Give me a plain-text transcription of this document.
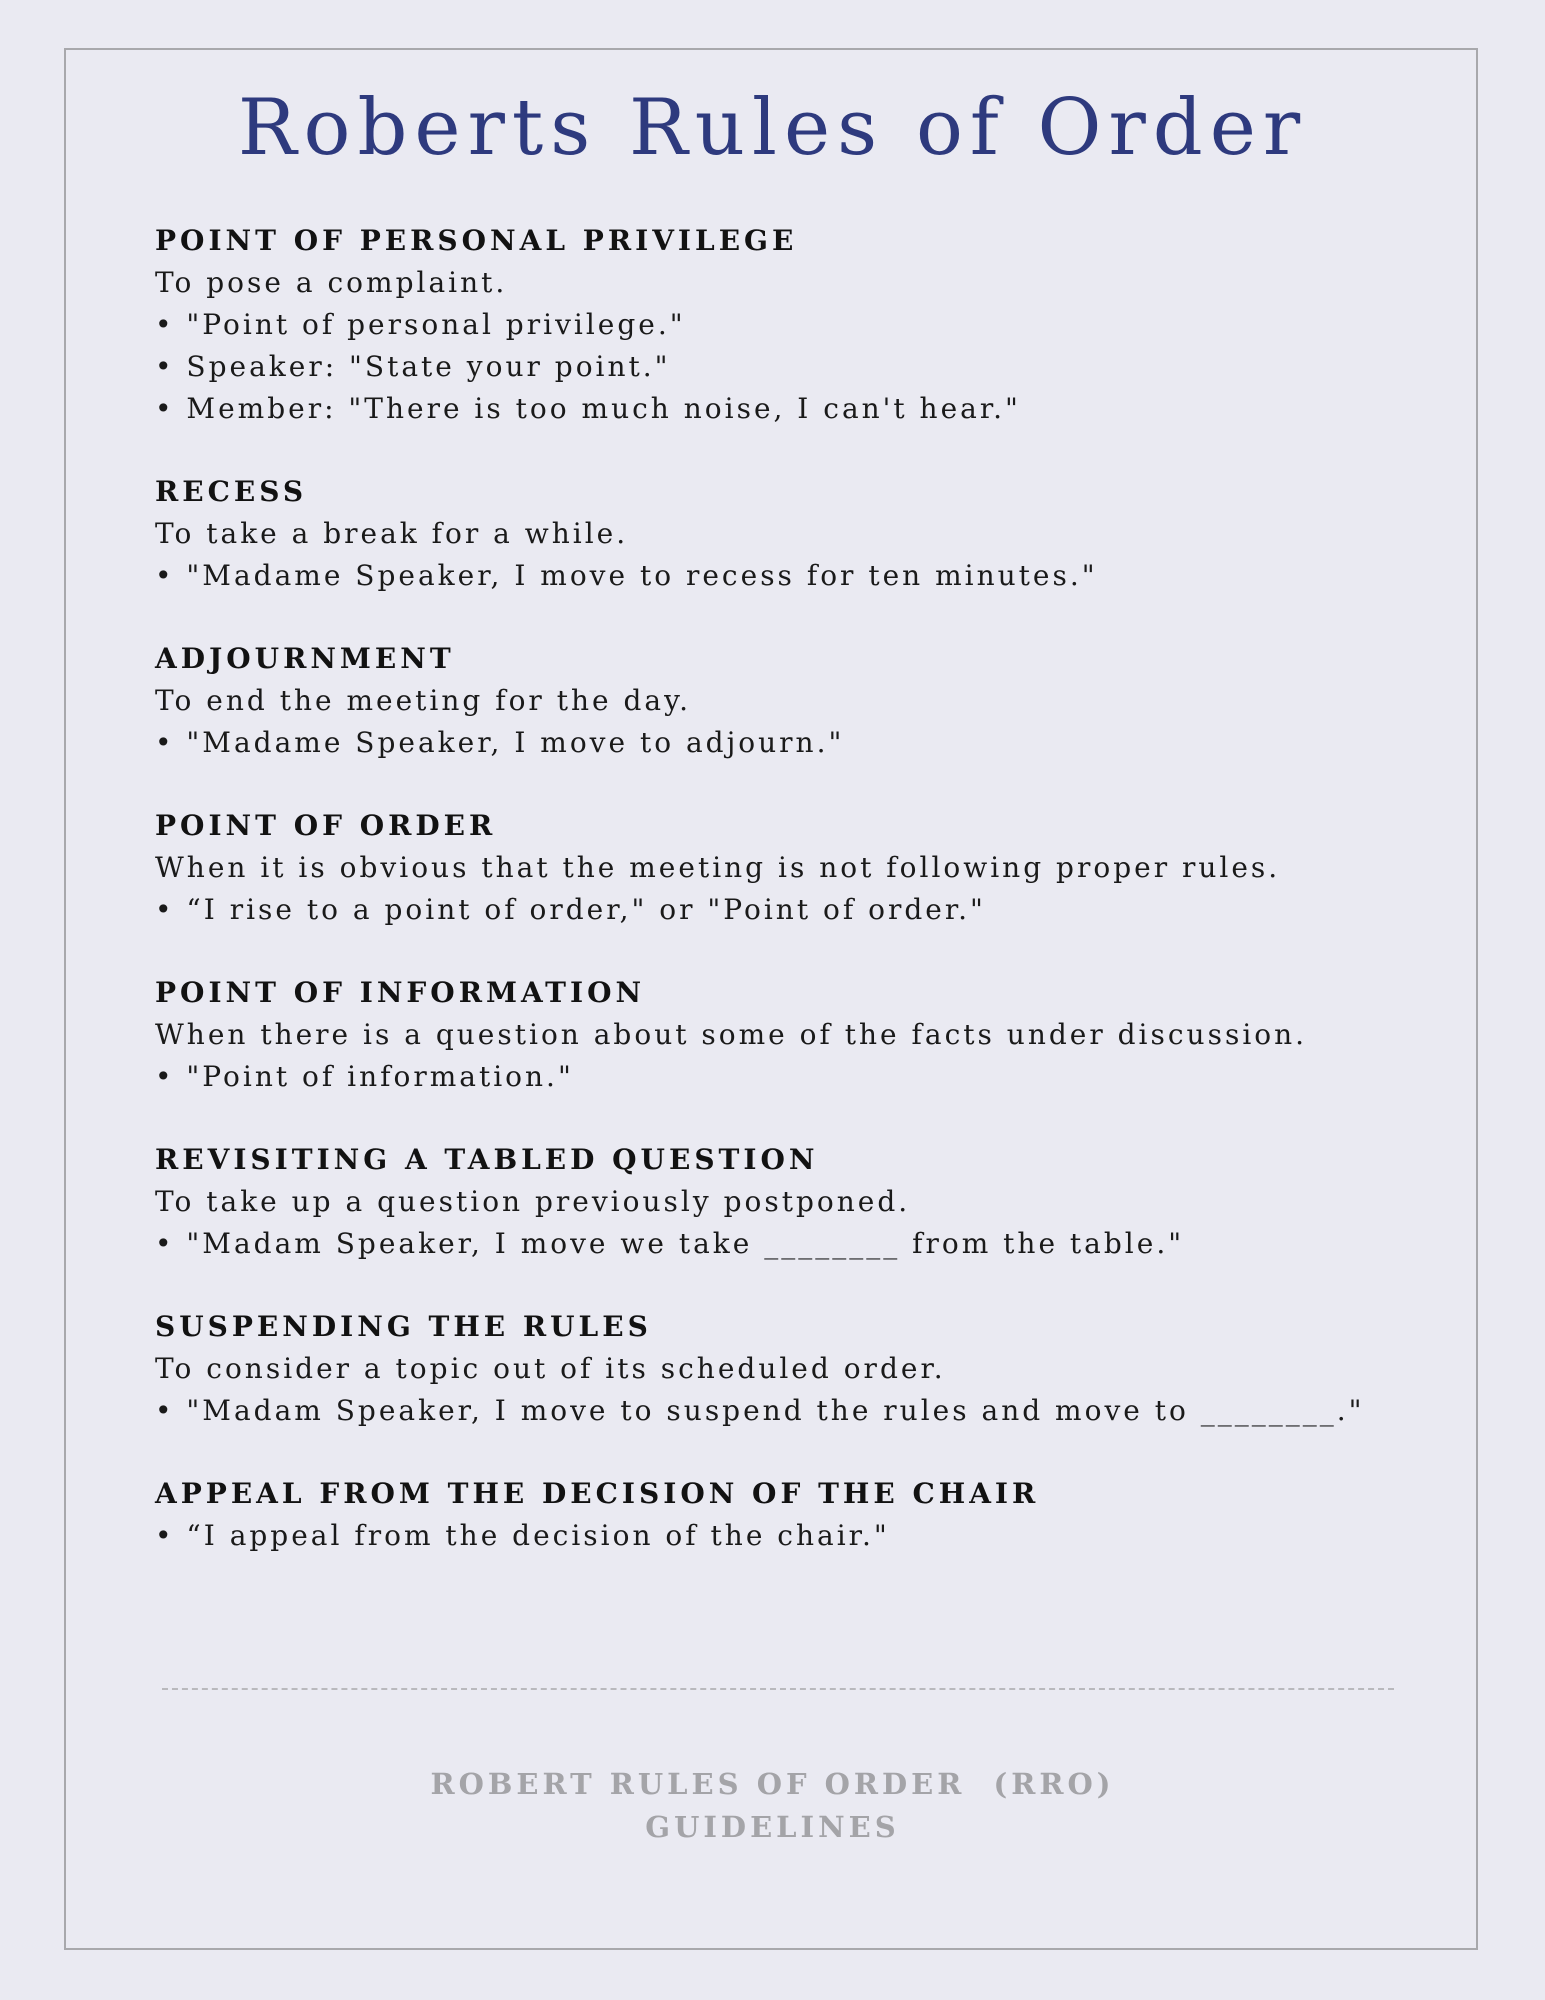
Roberts Rules of Order
POINT OF PERSONAL PRIVILEGE
To pose a complaint.
• "Point of personal privilege."
• Speaker: "State your point."
• Member: "There is too much noise, I can't hear."
RECESS
To take a break for a while.
• "Madame Speaker, I move to recess for ten minutes."
ADJOURNMENT
To end the meeting for the day.
• "Madame Speaker, I move to adjourn."
POINT OF ORDER
When it is obvious that the meeting is not following proper rules.
• “I rise to a point of order," or "Point of order."
POINT OF INFORMATION
When there is a question about some of the facts under discussion.
• "Point of information."
REVISITING A TABLED QUESTION
To take up a question previously postponed.
• "Madam Speaker, I move we take ________ from the table."
SUSPENDING THE RULES
To consider a topic out of its scheduled order.
• "Madam Speaker, I move to suspend the rules and move to ________."
APPEAL FROM THE DECISION OF THE CHAIR
• “I appeal from the decision of the chair."
ROBERT RULES OF ORDER  (RRO)
GUIDELINES
